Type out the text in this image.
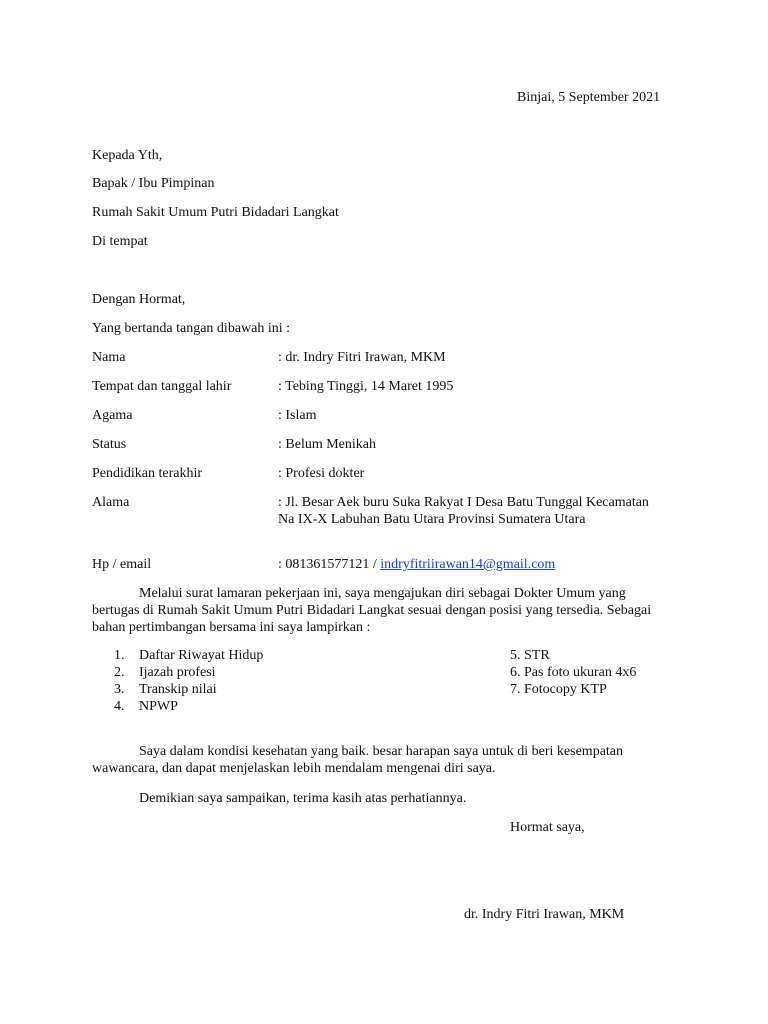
Binjai, 5 September 2021
Kepada Yth,
Bapak / Ibu Pimpinan
Rumah Sakit Umum Putri Bidadari Langkat
Di tempat
Dengan Hormat,
Yang bertanda tangan dibawah ini :
Nama	: dr. Indry Fitri Irawan, MKM
Tempat dan tanggal lahir	: Tebing Tinggi, 14 Maret 1995
Agama	: Islam
Status	: Belum Menikah
Pendidikan terakhir	: Profesi dokter
Alama	: Jl. Besar Aek buru Suka Rakyat I Desa Batu Tunggal Kecamatan Na IX-X Labuhan Batu Utara Provinsi Sumatera Utara
Hp / email	: 081361577121 / indryfitriirawan14@gmail.com
Melalui surat lamaran pekerjaan ini, saya mengajukan diri sebagai Dokter Umum yang bertugas di Rumah Sakit Umum Putri Bidadari Langkat sesuai dengan posisi yang tersedia. Sebagai bahan pertimbangan bersama ini saya lampirkan :
1. Daftar Riwayat Hidup
2. Ijazah profesi
3. Transkip nilai
4. NPWP
5. STR
6. Pas foto ukuran 4x6
7. Fotocopy KTP
Saya dalam kondisi kesehatan yang baik. besar harapan saya untuk di beri kesempatan wawancara, dan dapat menjelaskan lebih mendalam mengenai diri saya.
Demikian saya sampaikan, terima kasih atas perhatiannya.
Hormat saya,
dr. Indry Fitri Irawan, MKM
